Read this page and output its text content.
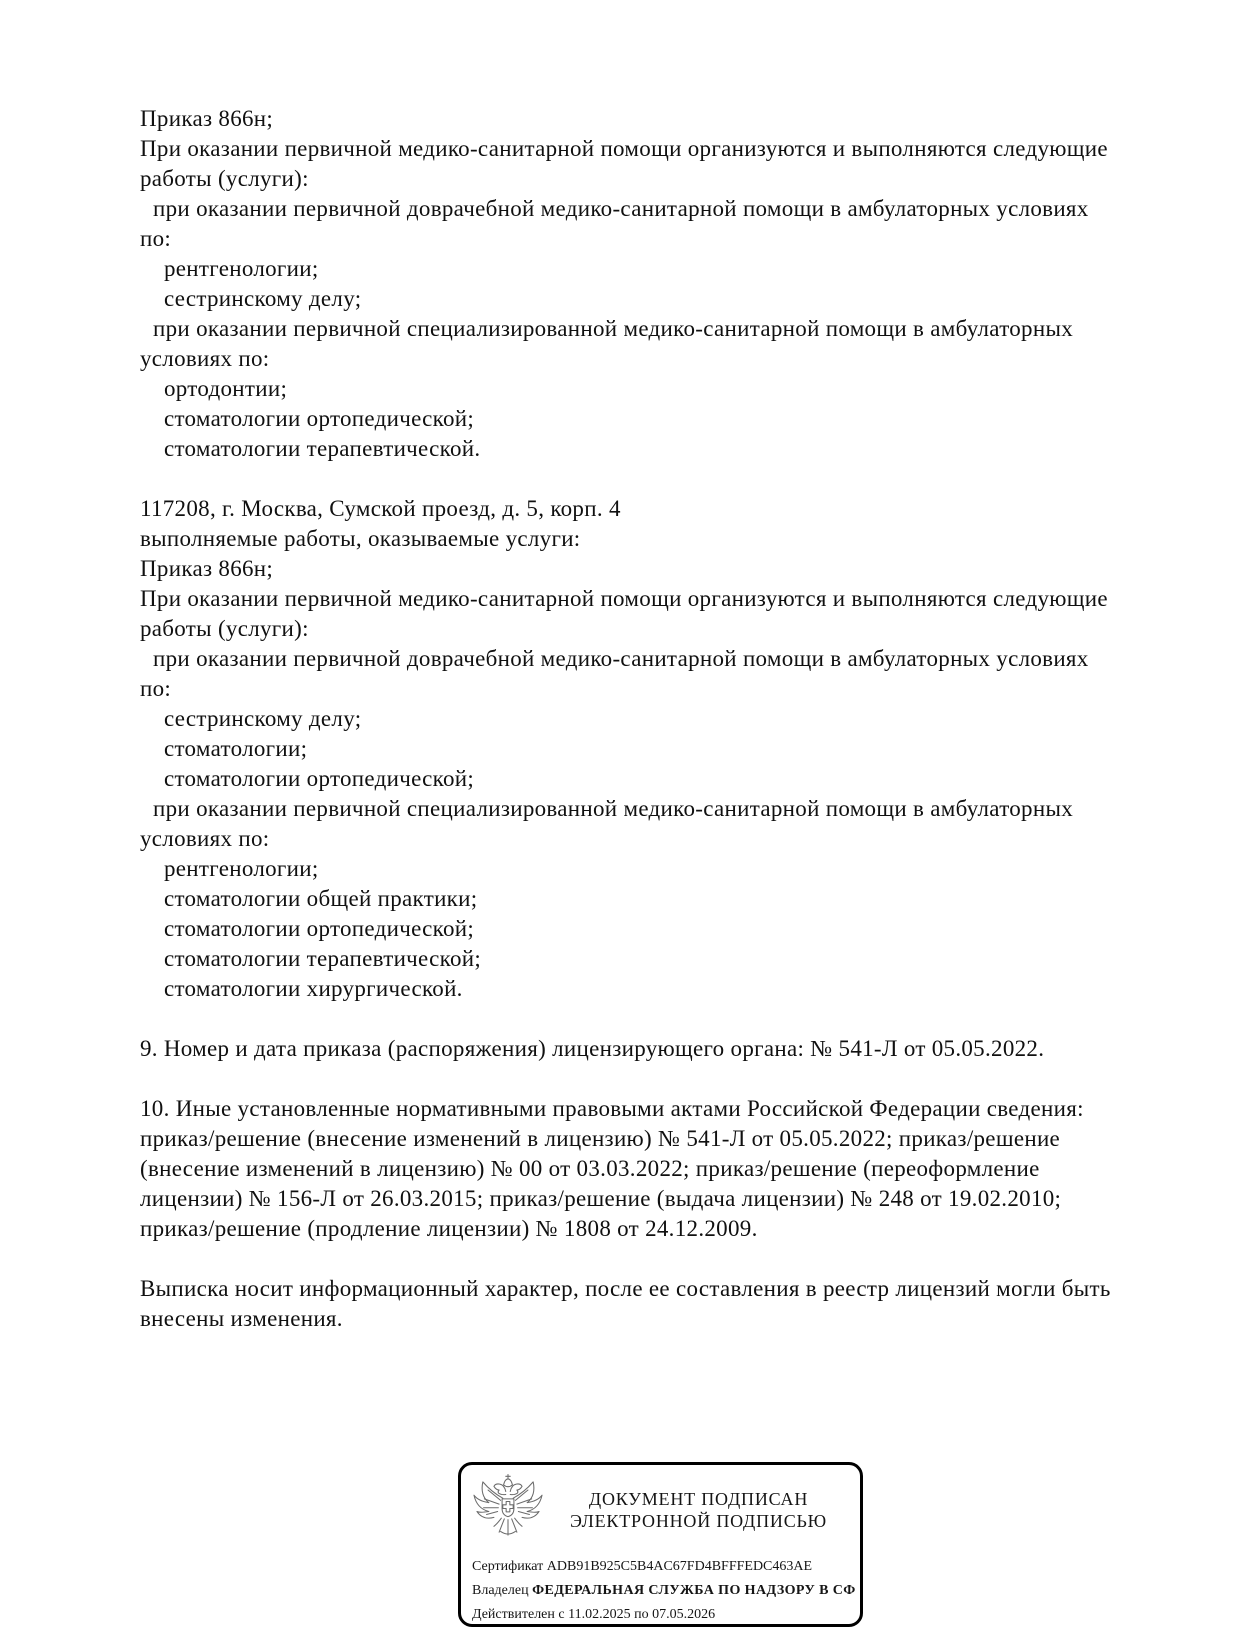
Приказ 866н;
При оказании первичной медико-санитарной помощи организуются и выполняются следующие
работы (услуги):
при оказании первичной доврачебной медико-санитарной помощи в амбулаторных условиях
по:
рентгенологии;
сестринскому делу;
при оказании первичной специализированной медико-санитарной помощи в амбулаторных
условиях по:
ортодонтии;
стоматологии ортопедической;
стоматологии терапевтической.
117208, г. Москва, Сумской проезд, д. 5, корп. 4
выполняемые работы, оказываемые услуги:
Приказ 866н;
При оказании первичной медико-санитарной помощи организуются и выполняются следующие
работы (услуги):
при оказании первичной доврачебной медико-санитарной помощи в амбулаторных условиях
по:
сестринскому делу;
стоматологии;
стоматологии ортопедической;
при оказании первичной специализированной медико-санитарной помощи в амбулаторных
условиях по:
рентгенологии;
стоматологии общей практики;
стоматологии ортопедической;
стоматологии терапевтической;
стоматологии хирургической.
9. Номер и дата приказа (распоряжения) лицензирующего органа: № 541-Л от 05.05.2022.
10. Иные установленные нормативными правовыми актами Российской Федерации сведения:
приказ/решение (внесение изменений в лицензию) № 541-Л от 05.05.2022; приказ/решение
(внесение изменений в лицензию) № 00 от 03.03.2022; приказ/решение (переоформление
лицензии) № 156-Л от 26.03.2015; приказ/решение (выдача лицензии) № 248 от 19.02.2010;
приказ/решение (продление лицензии) № 1808 от 24.12.2009.
Выписка носит информационный характер, после ее составления в реестр лицензий могли быть
внесены изменения.
ДОКУМЕНТ ПОДПИСАН
ЭЛЕКТРОННОЙ ПОДПИСЬЮ
Сертификат ADB91B925C5B4AC67FD4BFFFEDC463AE
Владелец ФЕДЕРАЛЬНАЯ СЛУЖБА ПО НАДЗОРУ В СФ
Действителен с 11.02.2025 по 07.05.2026
